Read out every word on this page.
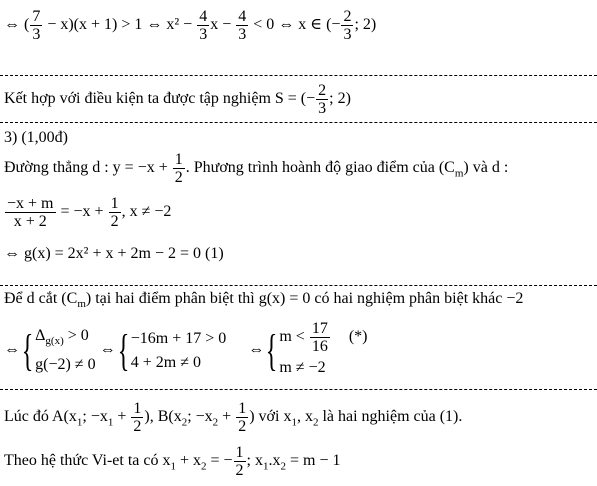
⇔ ( $\frac{7}{3} - x)(x + 1) > 1$ ⇔ $x^2 - \frac{4}{3}$ $x - \frac{4}{3} < 0$ ⇔ x ∈ (− $\frac{2}{3}$ ; 2)
Kết hợp với điều kiện ta được tập nghiệm S = (− $\frac{2}{3}$ ; 2)
3) (1,00đ)
Đường thẳng d : $y = -x + \frac{1}{2}$ . Phương trình hoành độ giao điểm của $(C_m)$ và d :
$\frac{-x + m}{x + 2} = -x + \frac{1}{2}$ , x ≠ −2
⇔ g(x) = 2x² + x + 2m − 2 = 0 (1)
Để d cắt $(C_m)$ tại hai điểm phân biệt thì g(x) = 0 có hai nghiệm phân biệt khác −2
⇔{ $\Delta_{g(x)} > 0$
g(−2) ≠ 0
⇔{ −16m + 17 > 0
4 + 2m ≠ 0
⇔{ $m < \frac{17}{16}$ (*)
m ≠ −2
Lúc đó $A(x_1$; $-x_1 + \frac{1}{2}$ ), $B(x_2$; $-x_2 + \frac{1}{2}$ ) với $x_1$, $x_2$ là hai nghiệm của (1).
Theo hệ thức Vi-et ta có $x_1 + x_2$ = − $\frac{1}{2}$ ; $x_1.x_2 = m - 1$
